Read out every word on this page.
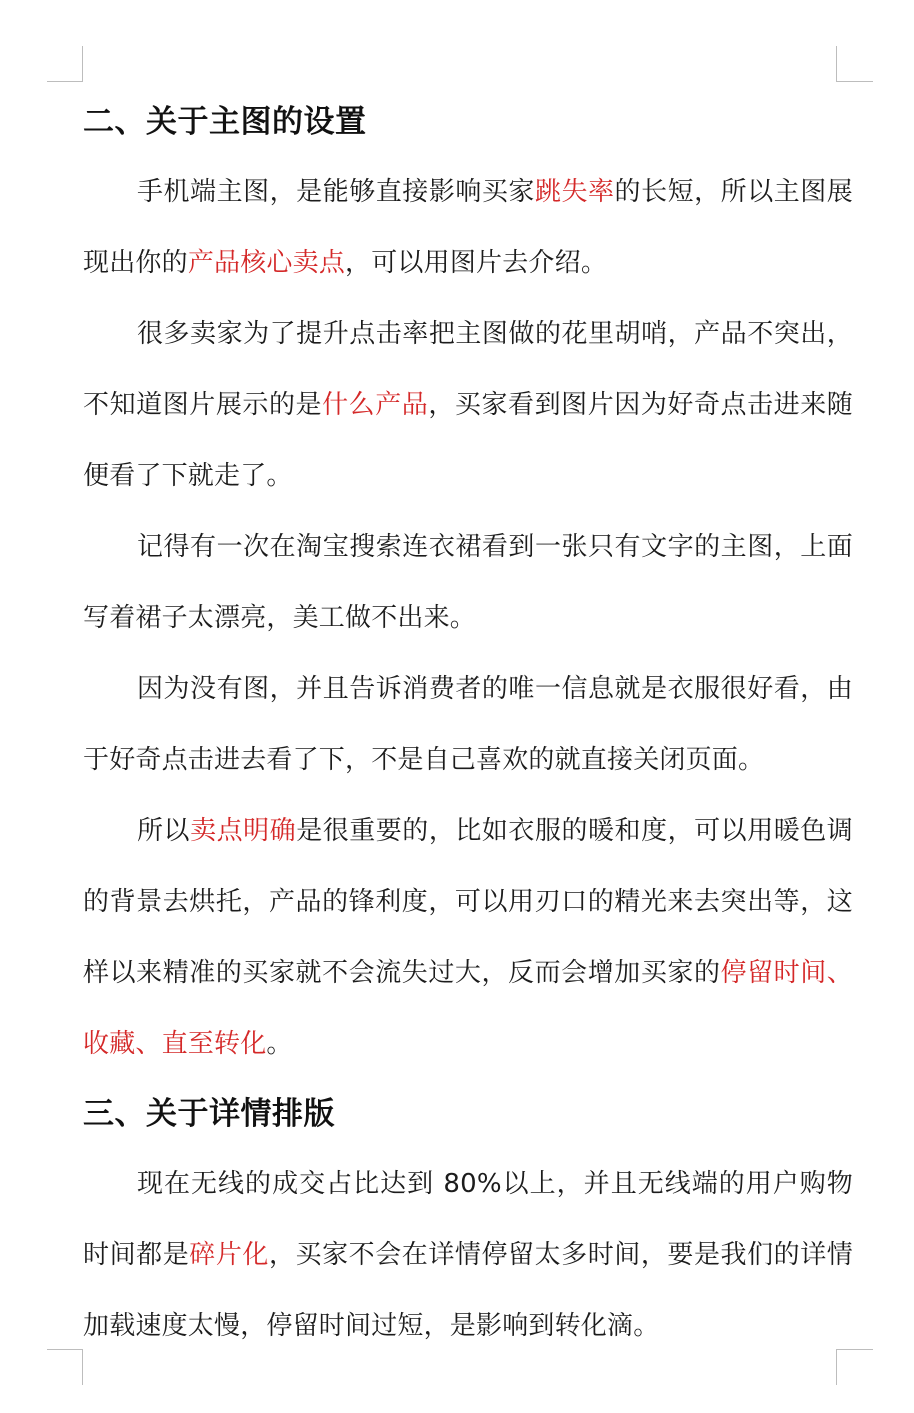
二、关于主图的设置

手机端主图，是能够直接影响买家跳失率的长短，所以主图展现出你的产品核心卖点，可以用图片去介绍。

很多卖家为了提升点击率把主图做的花里胡哨，产品不突出，不知道图片展示的是什么产品，买家看到图片因为好奇点击进来随便看了下就走了。

记得有一次在淘宝搜索连衣裙看到一张只有文字的主图，上面写着裙子太漂亮，美工做不出来。

因为没有图，并且告诉消费者的唯一信息就是衣服很好看，由于好奇点击进去看了下，不是自己喜欢的就直接关闭页面。

所以卖点明确是很重要的，比如衣服的暖和度，可以用暖色调的背景去烘托，产品的锋利度，可以用刃口的精光来去突出等，这样以来精准的买家就不会流失过大，反而会增加买家的停留时间、收藏、直至转化。

三、关于详情排版

现在无线的成交占比达到 80%以上，并且无线端的用户购物时间都是碎片化，买家不会在详情停留太多时间，要是我们的详情加载速度太慢，停留时间过短，是影响到转化滴。
